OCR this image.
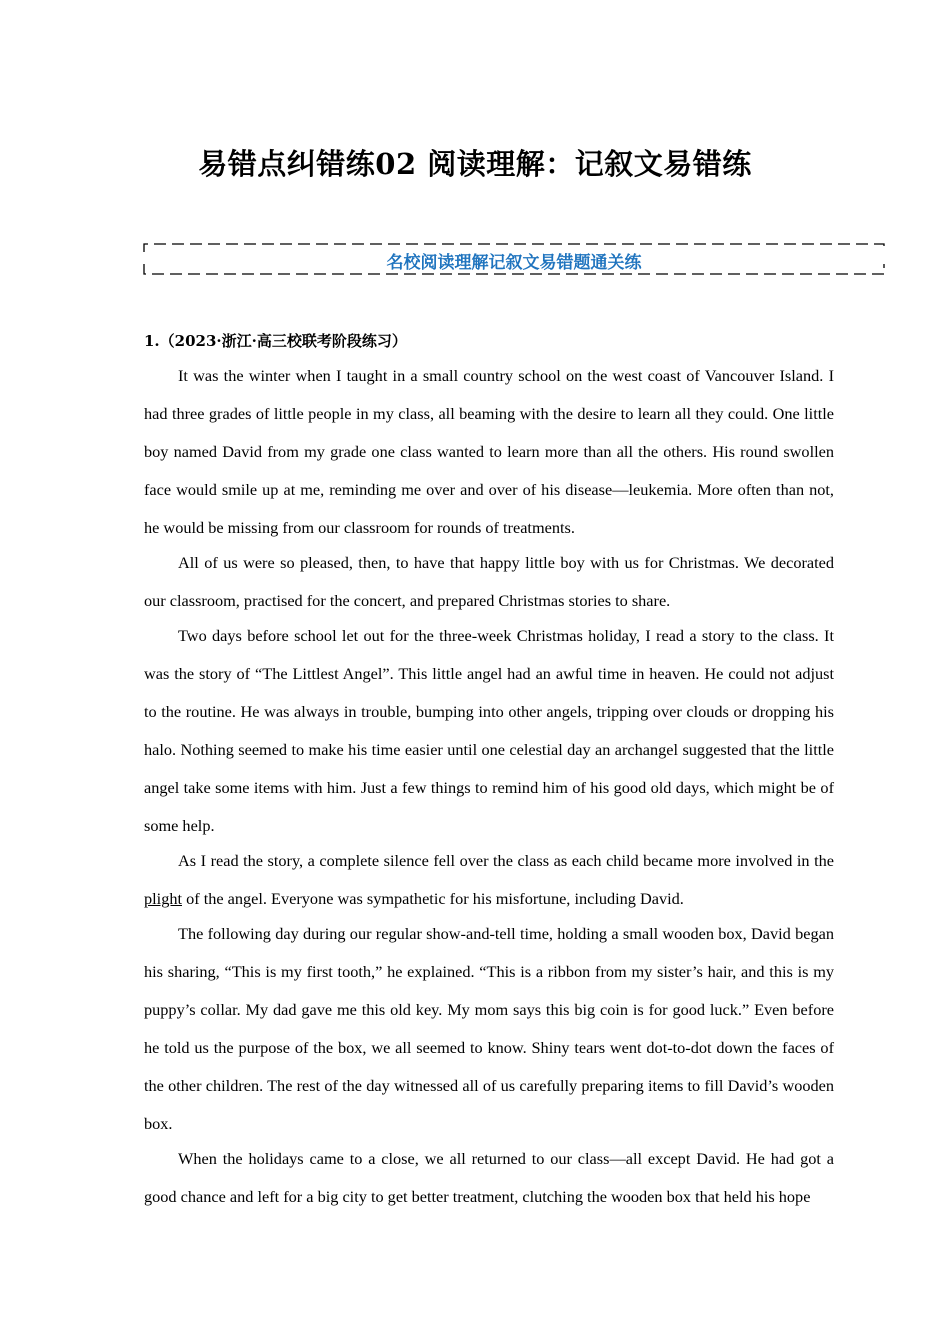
易错点纠错练02 阅读理解：记叙文易错练
名校阅读理解记叙文易错题通关练
1.（2023·浙江·高三校联考阶段练习）

It was the winter when I taught in a small country school on the west coast of Vancouver Island. I had three grades of little people in my class, all beaming with the desire to learn all they could. One little boy named David from my grade one class wanted to learn more than all the others. His round swollen face would smile up at me, reminding me over and over of his disease—leukemia. More often than not, he would be missing from our classroom for rounds of treatments.

All of us were so pleased, then, to have that happy little boy with us for Christmas. We decorated our classroom, practised for the concert, and prepared Christmas stories to share.

Two days before school let out for the three-week Christmas holiday, I read a story to the class. It was the story of “The Littlest Angel”. This little angel had an awful time in heaven. He could not adjust to the routine. He was always in trouble, bumping into other angels, tripping over clouds or dropping his halo. Nothing seemed to make his time easier until one celestial day an archangel suggested that the little angel take some items with him. Just a few things to remind him of his good old days, which might be of some help.

As I read the story, a complete silence fell over the class as each child became more involved in the plight of the angel. Everyone was sympathetic for his misfortune, including David.

The following day during our regular show-and-tell time, holding a small wooden box, David began his sharing, “This is my first tooth,” he explained. “This is a ribbon from my sister’s hair, and this is my puppy’s collar. My dad gave me this old key. My mom says this big coin is for good luck.” Even before he told us the purpose of the box, we all seemed to know. Shiny tears went dot-to-dot down the faces of the other children. The rest of the day witnessed all of us carefully preparing items to fill David’s wooden box.

When the holidays came to a close, we all returned to our class—all except David. He had got a good chance and left for a big city to get better treatment, clutching the wooden box that held his hope
